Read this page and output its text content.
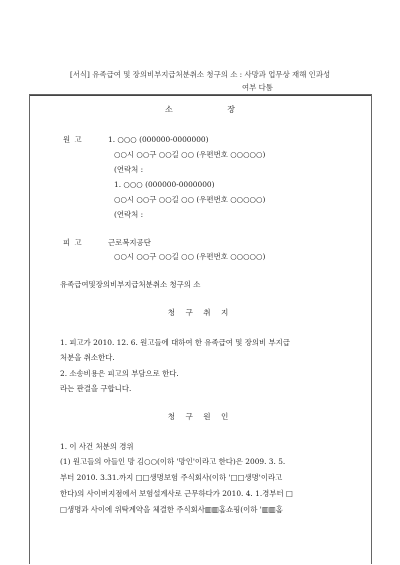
[서식] 유족급여 및 장의비부지급처분취소 청구의 소 : 사망과 업무상 재해 인과성
여부 다툼
소 장
원 고	1. ○○○ (000000-0000000)
○○시 ○○구 ○○길 ○○ (우편번호 ○○○○○)
(연락처 :
1. ○○○ (000000-0000000)
○○시 ○○구 ○○길 ○○ (우편번호 ○○○○○)
(연락처 :
피 고	근로복지공단
○○시 ○○구 ○○길 ○○ (우편번호 ○○○○○)
유족급여및장의비부지급처분취소 청구의 소
청 구 취 지
1. 피고가 2010. 12. 6. 원고들에 대하여 한 유족급여 및 장의비 부지급
처분을 취소한다.
2. 소송비용은 피고의 부담으로 한다.
라는 판결을 구합니다.
청 구 원 인
1. 이 사건 처분의 경위
(1) 원고들의 아들인 망 김○○(이하 '망인'이라고 한다)은 2009. 3. 5.
부터 2010. 3.31.까지 □□생명보험 주식회사(이하 '□□생명'이라고
한다)의 사이버지점에서 보험설계사로 근무하다가 2010. 4. 1.경부터 □
□생명과 사이에 위탁계약을 체결한 주식회사▥▥홈쇼핑(이하 '▥▥홈
